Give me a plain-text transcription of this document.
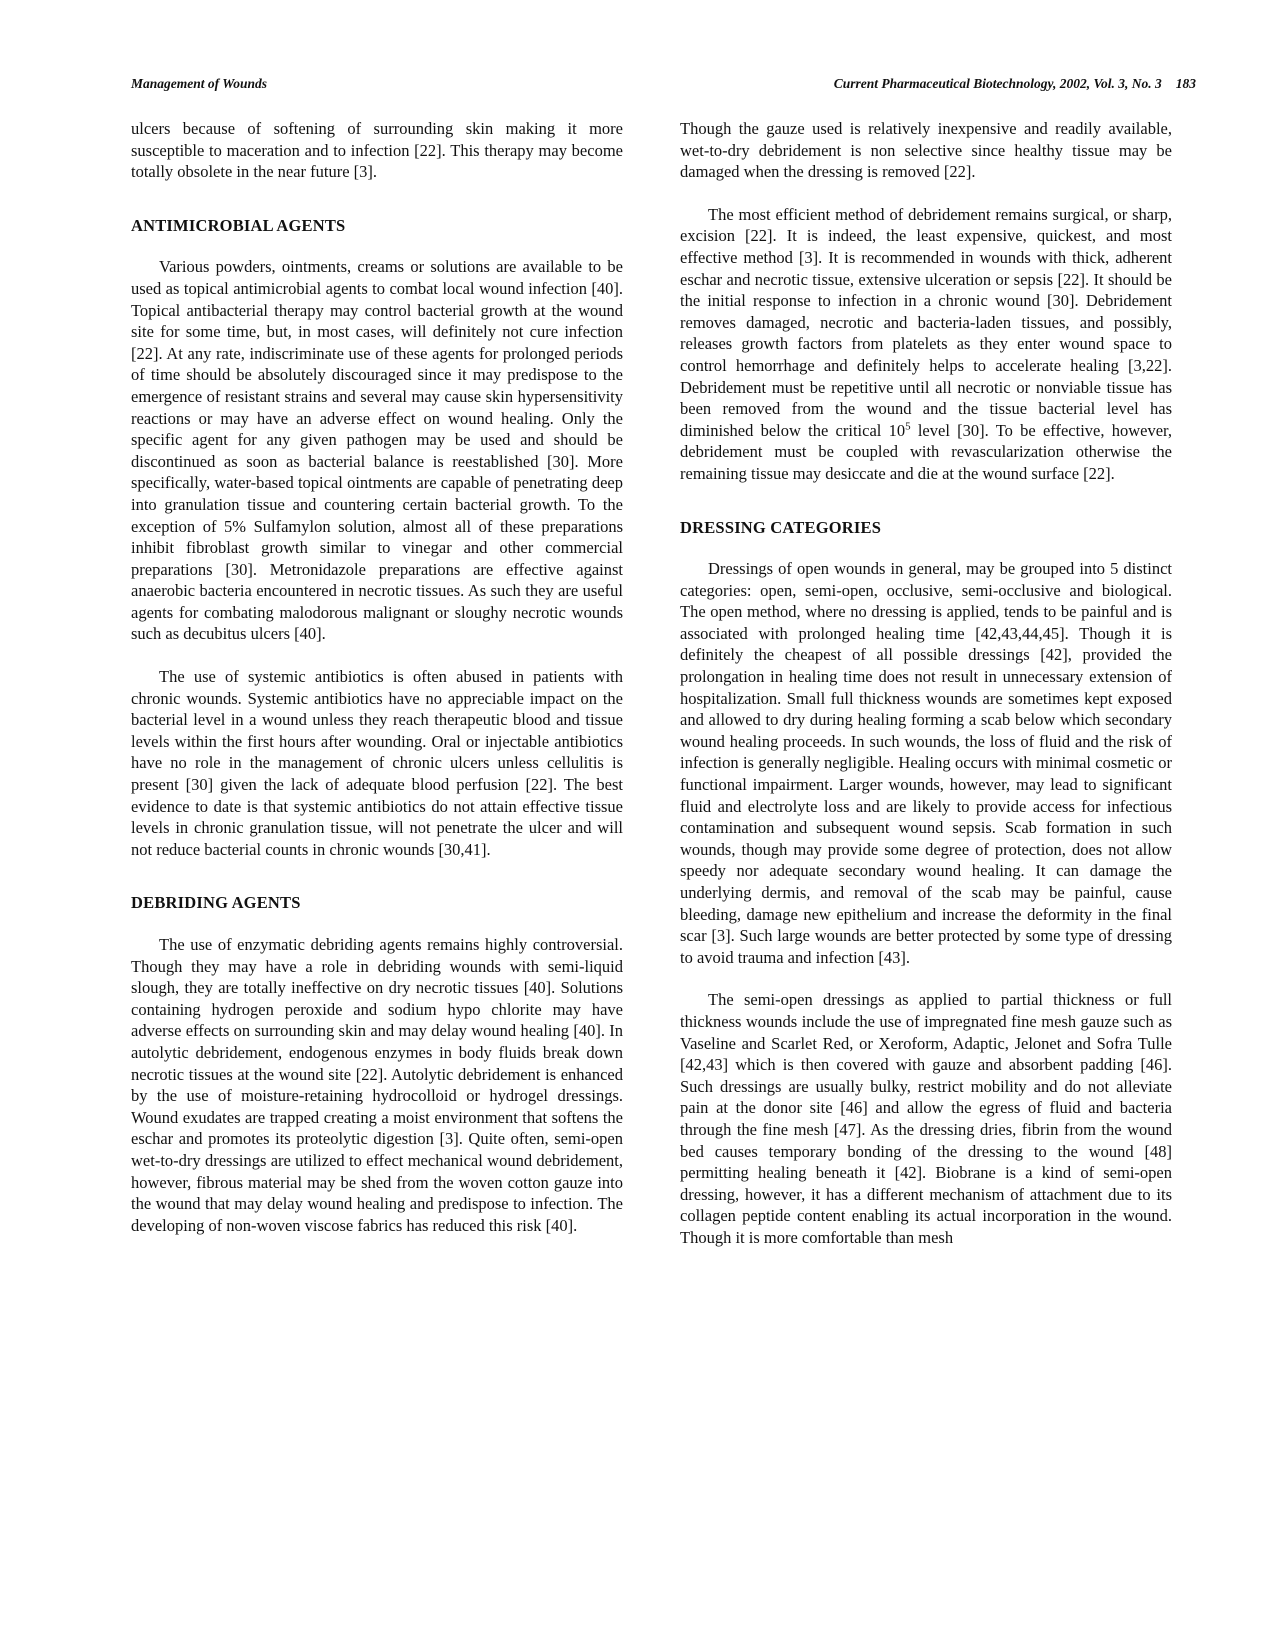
Management of Wounds	Current Pharmaceutical Biotechnology, 2002, Vol. 3, No. 3 183

ulcers because of softening of surrounding skin making it more susceptible to maceration and to infection [22]. This therapy may become totally obsolete in the near future [3].

ANTIMICROBIAL AGENTS

Various powders, ointments, creams or solutions are available to be used as topical antimicrobial agents to combat local wound infection [40]. Topical antibacterial therapy may control bacterial growth at the wound site for some time, but, in most cases, will definitely not cure infection [22]. At any rate, indiscriminate use of these agents for prolonged periods of time should be absolutely discouraged since it may predispose to the emergence of resistant strains and several may cause skin hypersensitivity reactions or may have an adverse effect on wound healing. Only the specific agent for any given pathogen may be used and should be discontinued as soon as bacterial balance is reestablished [30]. More specifically, water-based topical ointments are capable of penetrating deep into granulation tissue and countering certain bacterial growth. To the exception of 5% Sulfamylon solution, almost all of these preparations inhibit fibroblast growth similar to vinegar and other commercial preparations [30]. Metronidazole preparations are effective against anaerobic bacteria encountered in necrotic tissues. As such they are useful agents for combating malodorous malignant or sloughy necrotic wounds such as decubitus ulcers [40].

The use of systemic antibiotics is often abused in patients with chronic wounds. Systemic antibiotics have no appreciable impact on the bacterial level in a wound unless they reach therapeutic blood and tissue levels within the first hours after wounding. Oral or injectable antibiotics have no role in the management of chronic ulcers unless cellulitis is present [30] given the lack of adequate blood perfusion [22]. The best evidence to date is that systemic antibiotics do not attain effective tissue levels in chronic granulation tissue, will not penetrate the ulcer and will not reduce bacterial counts in chronic wounds [30,41].

DEBRIDING AGENTS

The use of enzymatic debriding agents remains highly controversial. Though they may have a role in debriding wounds with semi-liquid slough, they are totally ineffective on dry necrotic tissues [40]. Solutions containing hydrogen peroxide and sodium hypo chlorite may have adverse effects on surrounding skin and may delay wound healing [40]. In autolytic debridement, endogenous enzymes in body fluids break down necrotic tissues at the wound site [22]. Autolytic debridement is enhanced by the use of moisture-retaining hydrocolloid or hydrogel dressings. Wound exudates are trapped creating a moist environment that softens the eschar and promotes its proteolytic digestion [3]. Quite often, semi-open wet-to-dry dressings are utilized to effect mechanical wound debridement, however, fibrous material may be shed from the woven cotton gauze into the wound that may delay wound healing and predispose to infection. The developing of non-woven viscose fabrics has reduced this risk [40].

Though the gauze used is relatively inexpensive and readily available, wet-to-dry debridement is non selective since healthy tissue may be damaged when the dressing is removed [22].

The most efficient method of debridement remains surgical, or sharp, excision [22]. It is indeed, the least expensive, quickest, and most effective method [3]. It is recommended in wounds with thick, adherent eschar and necrotic tissue, extensive ulceration or sepsis [22]. It should be the initial response to infection in a chronic wound [30]. Debridement removes damaged, necrotic and bacteria-laden tissues, and possibly, releases growth factors from platelets as they enter wound space to control hemorrhage and definitely helps to accelerate healing [3,22]. Debridement must be repetitive until all necrotic or nonviable tissue has been removed from the wound and the tissue bacterial level has diminished below the critical $10^5$ level [30]. To be effective, however, debridement must be coupled with revascularization otherwise the remaining tissue may desiccate and die at the wound surface [22].

DRESSING CATEGORIES

Dressings of open wounds in general, may be grouped into 5 distinct categories: open, semi-open, occlusive, semi-occlusive and biological. The open method, where no dressing is applied, tends to be painful and is associated with prolonged healing time [42,43,44,45]. Though it is definitely the cheapest of all possible dressings [42], provided the prolongation in healing time does not result in unnecessary extension of hospitalization. Small full thickness wounds are sometimes kept exposed and allowed to dry during healing forming a scab below which secondary wound healing proceeds. In such wounds, the loss of fluid and the risk of infection is generally negligible. Healing occurs with minimal cosmetic or functional impairment. Larger wounds, however, may lead to significant fluid and electrolyte loss and are likely to provide access for infectious contamination and subsequent wound sepsis. Scab formation in such wounds, though may provide some degree of protection, does not allow speedy nor adequate secondary wound healing. It can damage the underlying dermis, and removal of the scab may be painful, cause bleeding, damage new epithelium and increase the deformity in the final scar [3]. Such large wounds are better protected by some type of dressing to avoid trauma and infection [43].

The semi-open dressings as applied to partial thickness or full thickness wounds include the use of impregnated fine mesh gauze such as Vaseline and Scarlet Red, or Xeroform, Adaptic, Jelonet and Sofra Tulle [42,43] which is then covered with gauze and absorbent padding [46]. Such dressings are usually bulky, restrict mobility and do not alleviate pain at the donor site [46] and allow the egress of fluid and bacteria through the fine mesh [47]. As the dressing dries, fibrin from the wound bed causes temporary bonding of the dressing to the wound [48] permitting healing beneath it [42]. Biobrane is a kind of semi-open dressing, however, it has a different mechanism of attachment due to its collagen peptide content enabling its actual incorporation in the wound. Though it is more comfortable than mesh
